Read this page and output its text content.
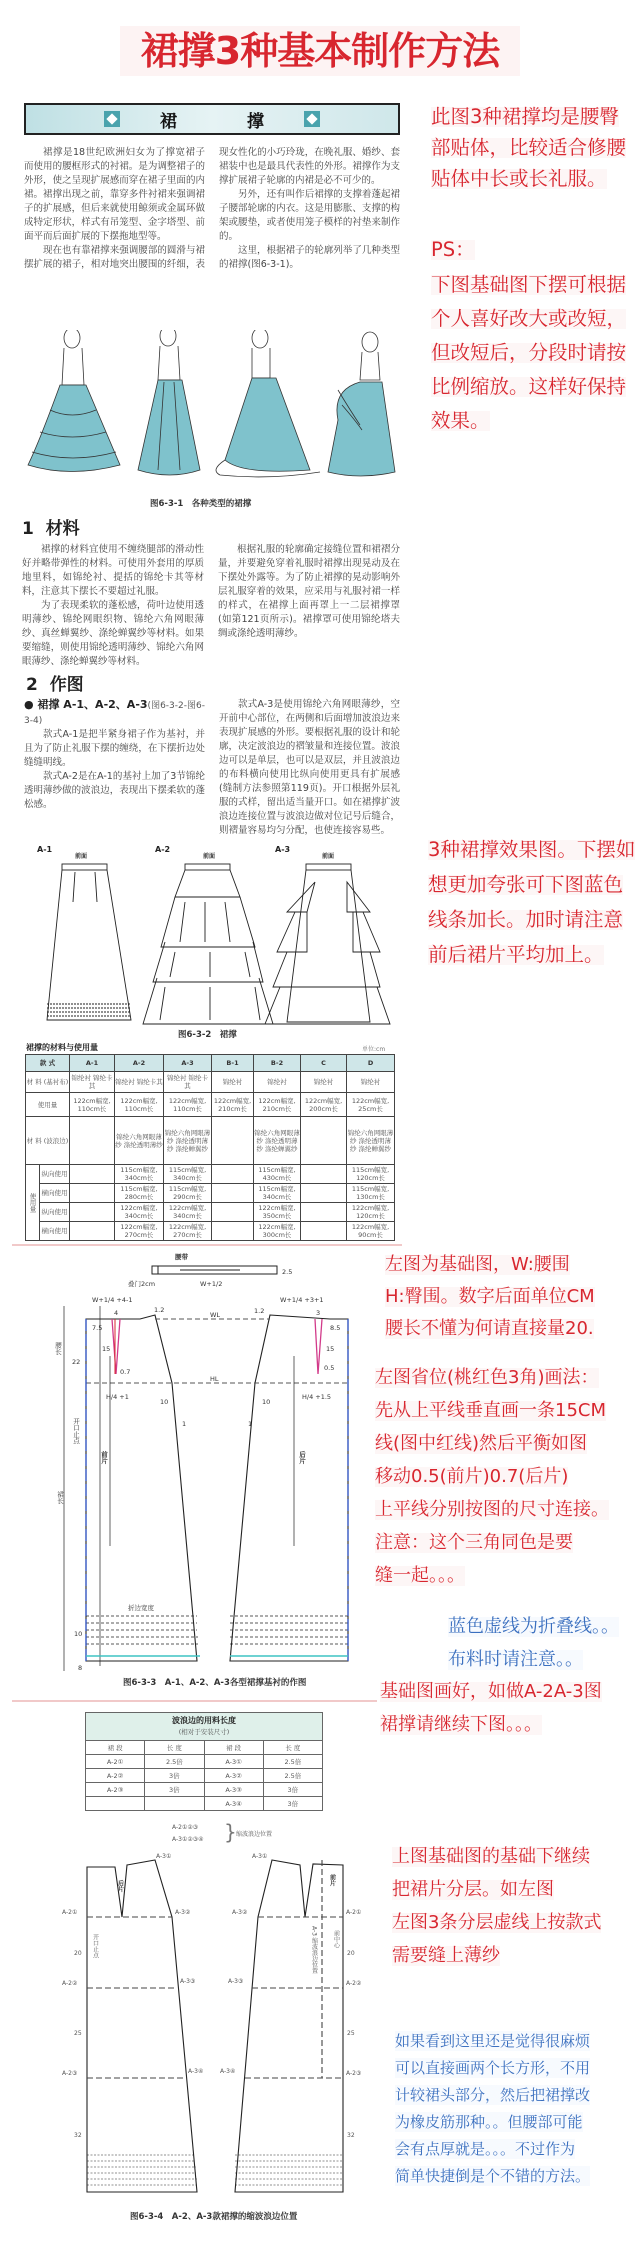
裙撑3种基本制作方法
裙	撑

裙撑是18世纪欧洲妇女为了撑宽裙子而使用的腰框形式的衬裙。是为调整裙子的外形，使之呈现扩展感而穿在裙子里面的内裙。裙撑出现之前，靠穿多件衬裙来强调裙子的扩展感，但后来就使用鲸须或金属环做成特定形状，样式有吊笼型、金字塔型、前面平而后面扩展的下摆拖地型等。

现在也有靠裙撑来强调腰部的圆滑与裙摆扩展的裙子，相对地突出腰围的纤细，表现女性化的小巧玲珑，在晚礼服、婚纱、套裙装中也是最具代表性的外形。裙撑作为支撑扩展裙子轮廓的内裙是必不可少的。

另外，还有叫作后裙撑的支撑着蓬起裙子腰部轮廓的内衣。这是用膨胀、支撑的构架或腰垫，或者使用笼子模样的衬垫来制作的。

这里，根据裙子的轮廓列举了几种类型的裙撑(图6-3-1)。

图6-3-1　各种类型的裙撑
1 材料

裙撑的材料宜使用不缠绕腿部的滑动性好并略带弹性的材料。可使用外套用的厚质地里料，如锦纶衬、提括的锦纶卡其等材料，注意其下摆长不要超过礼服。

为了表现柔软的蓬松感，荷叶边使用透明薄纱、锦纶网眼织物、锦纶六角网眼薄纱、真丝蝉翼纱、涤纶蝉翼纱等材料。如果要缩缝，则使用锦纶透明薄纱、锦纶六角网眼薄纱、涤纶蝉翼纱等材料。

根据礼服的轮廓确定接缝位置和裙褶分量，并要避免穿着礼服时裙撑出现晃动及在下摆处外露等。为了防止裙撑的晃动影响外层礼服穿着的效果，应采用与礼服衬裙一样的样式，在裙撑上面再罩上一二层裙撑罩(如第121页所示)。裙撑罩可使用锦纶塔夫绸或涤纶透明薄纱。

2 作图
● 裙撑 A-1、A-2、A-3(图6-3-2-图6-3-4)

款式A-1是把半紧身裙子作为基衬，并且为了防止礼服下摆的缠绕，在下摆折边处缝缝明线。

款式A-2是在A-1的基衬上加了3节锦纶透明薄纱做的波浪边，表现出下摆柔软的蓬松感。

款式A-3是使用锦纶六角网眼薄纱，空开前中心部位，在两侧和后面增加波浪边来表现扩展感的外形。要根据礼服的设计和轮廓，决定波浪边的褶皱量和连接位置。波浪边可以是单层，也可以是双层，并且波浪边的布料横向使用比纵向使用更具有扩展感(缝制方法参照第119页)。开口根据外层礼服的式样，留出适当量开口。如在裙撑扩波浪边连接位置与波浪边做对位记号后缝合，则褶量容易均匀分配，也使连接容易些。

A-1
前面
A-2
前面
A-3
前面
图6-3-2　裙撑
裙撑的材料与使用量	单位:cm
款 式		A-1	A-2	A-3	B-1	B-2	C	D
材 料 (基衬布)		锦纶衬 锦纶卡其	锦纶衬 锦纶卡其	锦纶衬 锦纶卡其	锦纶衬	锦纶衬	锦纶衬	锦纶衬
使用量		122cm幅宽, 110cm长	122cm幅宽, 110cm长	122cm幅宽, 110cm长	122cm幅宽, 210cm长	122cm幅宽, 210cm长	122cm幅宽, 200cm长	122cm幅宽, 25cm长
材 料 (波浪边)			锦纶六角网眼薄纱 涤纶透明薄纱	锦纶六角网眼薄纱 涤纶透明薄纱 涤纶蝉翼纱		锦纶六角网眼薄纱 涤纶透明薄纱 涤纶蝉翼纱		锦纶六角网眼薄纱 涤纶透明薄纱 涤纶蝉翼纱
使用量	纵向使用		115cm幅宽, 340cm长	115cm幅宽, 340cm长		115cm幅宽, 430cm长		115cm幅宽, 120cm长
	横向使用		115cm幅宽, 280cm长	115cm幅宽, 290cm长		115cm幅宽, 340cm长		115cm幅宽, 130cm长
	纵向使用		122cm幅宽, 340cm长	122cm幅宽, 340cm长		122cm幅宽, 350cm长		122cm幅宽, 120cm长
	横向使用		122cm幅宽, 270cm长	122cm幅宽, 270cm长		122cm幅宽, 300cm长		122cm幅宽, 90cm长
腰带
叠门2cm	W+1/2
2.5
W+1/4 +4-1	W+1/4 +3+1
1.2	1.2
WL
HL
7.5	8.5
4	3
15	15
0.7	0.5
22
腰长
H/4 +1	H/4 +1.5
10	10
1	1
开口止点
前片	后片
裙长
折边宽度
10
8
图6-3-3　A-1、A-2、A-3各型裙撑基衬的作图
波浪边的用料长度
(相对于安装尺寸)			
裙 段	长 度	裙 段	长 度
A-2①	2.5倍	A-3①	2.5倍
A-2②	3倍	A-3②	2.5倍
A-2③	3倍	A-3③	3倍
		A-3④	3倍
A-2①②③
A-3①②③④ } 缩波浪边位置
A-3①	A-3①
A-2①	A-2①
A-3②	A-3②
A-2②	A-2②
A-3③	A-3③
A-2③	A-2③
A-3④	A-3④
20	20
25	25
32	32
开口止点
后片	前片
前中心
A-3 缩波浪边位置
图6-3-4　A-2、A-3款裙撑的缩波浪边位置
PS：
此图3种裙撑均是腰臀
部贴体，比较适合修腰
贴体中长或长礼服。
下图基础图下摆可根据
个人喜好改大或改短，
但改短后，分段时请按
比例缩放。这样好保持
效果。
3种裙撑效果图。下摆如
想更加夸张可下图蓝色
线条加长。加时请注意
前后裙片平均加上。
左图为基础图，W:腰围
H:臀围。数字后面单位CM
腰长不懂为何请直接量20.
左图省位(桃红色3角)画法：
先从上平线垂直画一条15CM
线(图中红线)然后平衡如图
移动0.5(前片)0.7(后片)
上平线分别按图的尺寸连接。
注意：这个三角同色是要
缝一起。。。
蓝色虚线为折叠线。。
布料时请注意。。
基础图画好，如做A-2A-3图
裙撑请继续下图。。。
上图基础图的基础下继续
把裙片分层。如左图
左图3条分层虚线上按款式
需要缝上薄纱
如果看到这里还是觉得很麻烦
可以直接画两个长方形，不用
计较裙头部分，然后把裙撑改
为橡皮筋那种。。但腰部可能
会有点厚就是。。。不过作为
简单快捷倒是个不错的方法。
